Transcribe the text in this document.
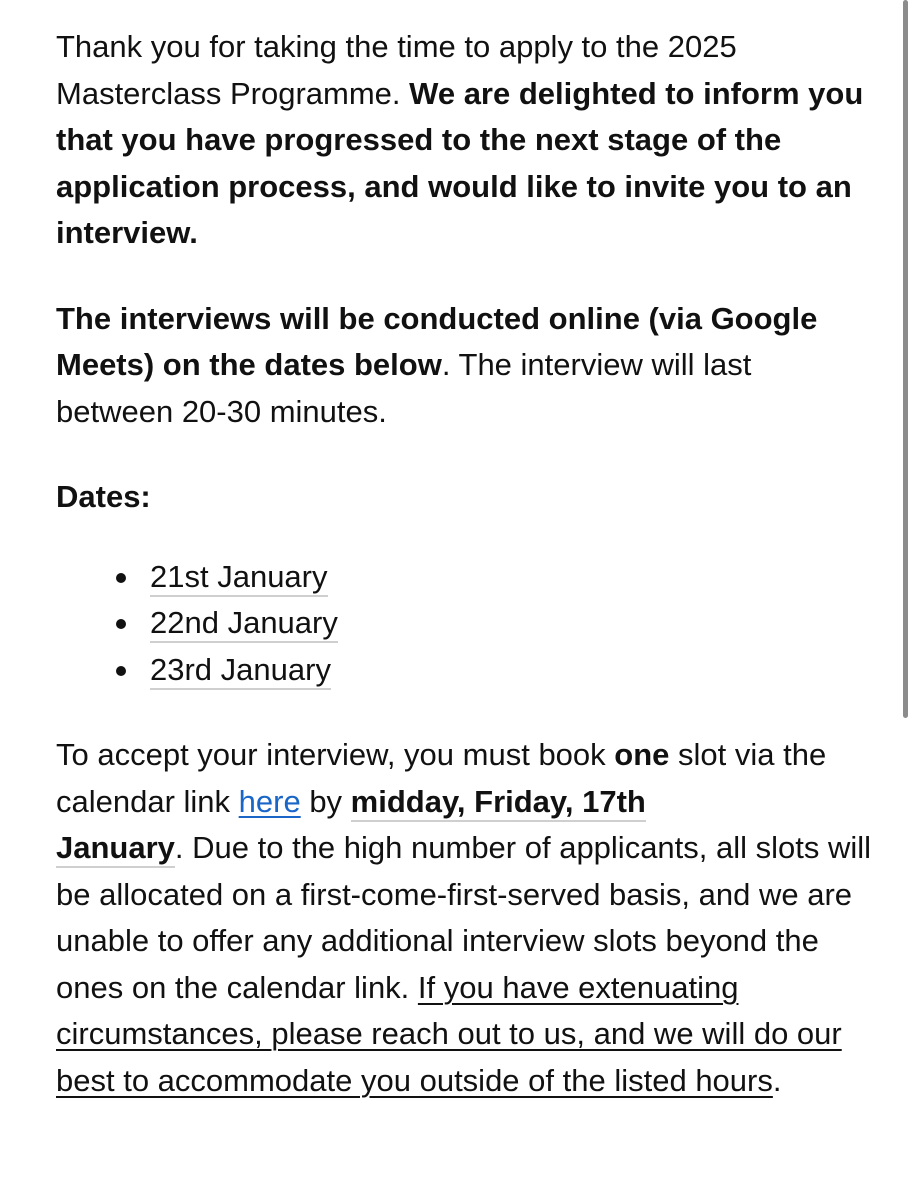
Thank you for taking the time to apply to the 2025 Masterclass Programme. We are delighted to inform you that you have progressed to the next stage of the application process, and would like to invite you to an interview.

The interviews will be conducted online (via Google Meets) on the dates below. The interview will last between 20-30 minutes.

Dates:

21st January
22nd January
23rd January

To accept your interview, you must book one slot via the calendar link here by midday, Friday, 17th
January. Due to the high number of applicants, all slots will be allocated on a first-come-first-served basis, and we are unable to offer any additional interview slots beyond the ones on the calendar link. If you have extenuating circumstances, please reach out to us, and we will do our best to accommodate you outside of the listed hours.
